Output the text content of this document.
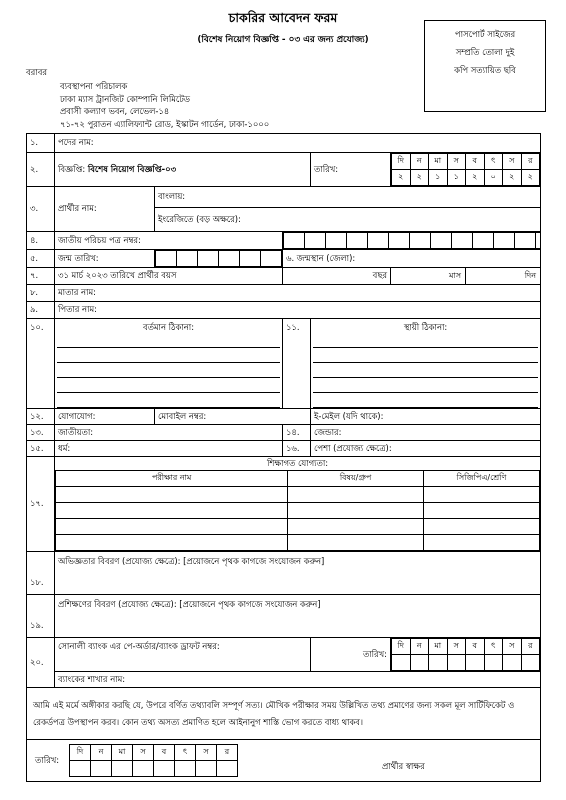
চাকরির আবেদন ফরম
(বিশেষ নিয়োগ বিজ্ঞপ্তি - ০৩ এর জন্য প্রযোজ্য)
পাসপোর্ট সাইজের
সম্প্রতি তোলা দুই
কপি সত্যায়িত ছবি
বরাবর
ব্যবস্থাপনা পরিচালক
ঢাকা ম্যাস ট্রানজিট কোম্পানি লিমিটেড
প্রবাসী কল্যাণ ভবন, লেভেল-১৪
৭১-৭২ পুরাতন এ্যালিফ্যান্ট রোড, ইস্কাটন গার্ডেন, ঢাকা-১০০০
১.	পদের নাম:
২.	বিজ্ঞপ্তি: বিশেষ নিয়োগ বিজ্ঞপ্তি-০৩	তারিখ:	
দি	ন	মা	স	ব	ৎ	স	র
২	২	১	১	২	০	২	২

৩.	প্রার্থীর নাম:	বাংলায়:
ইংরেজিতে (বড় অক্ষরে):
৪.	জাতীয় পরিচয় পত্র নম্বর:	

৫.	জন্ম তারিখ:									৬. জন্মস্থান (জেলা):
৭.	৩১ মার্চ ২০২৩ তারিখে প্রার্থীর বয়স	বছর		মাস	দিন

৮.	মাতার নাম:
৯.	পিতার নাম:
১০.	বর্তমান ঠিকানা:	১১.	স্থায়ী ঠিকানা:

১২.	যোগাযোগ:	মোবাইল নম্বর:	ই-মেইল (যদি থাকে):
১৩.	জাতীয়তা:	১৪.	জেন্ডার:
১৫.	ধর্ম:	১৬.	পেশা (প্রযোজ্য ক্ষেত্রে):
১৭.	
শিক্ষাগত যোগ্যতা:
পরীক্ষার নাম	বিষয়/গ্রুপ	সিজিপিএ/শ্রেণি

১৮.	অভিজ্ঞতার বিবরণ (প্রযোজ্য ক্ষেত্রে): [প্রয়োজনে পৃথক কাগজে সংযোজন করুন]
১৯.	প্রশিক্ষণের বিবরণ (প্রযোজ্য ক্ষেত্রে): [প্রয়োজনে পৃথক কাগজে সংযোজন করুন]
২০.	সোনালী ব্যাংক এর পে-অর্ডার/ব্যাংক ড্রাফট নম্বর:	তারিখ:	
দি	ন	মা	স	ব	ৎ	স	র

ব্যাংকের শাখার নাম:
আমি এই মর্মে অঙ্গীকার করছি যে, উপরে বর্ণিত তথ্যাবলি সম্পূর্ণ সত্য। মৌখিক পরীক্ষার সময় উল্লিখিত তথ্য প্রমাণের জন্য সকল মূল সার্টিফিকেট ও রেকর্ডপত্র উপস্থাপন করব। কোন তথ্য অসত্য প্রমাণিত হলে আইনানুগ শাস্তি ভোগ করতে বাধ্য থাকব।

তারিখ:
দি	ন	মা	স	ব	ৎ	স	র

প্রার্থীর স্বাক্ষর
